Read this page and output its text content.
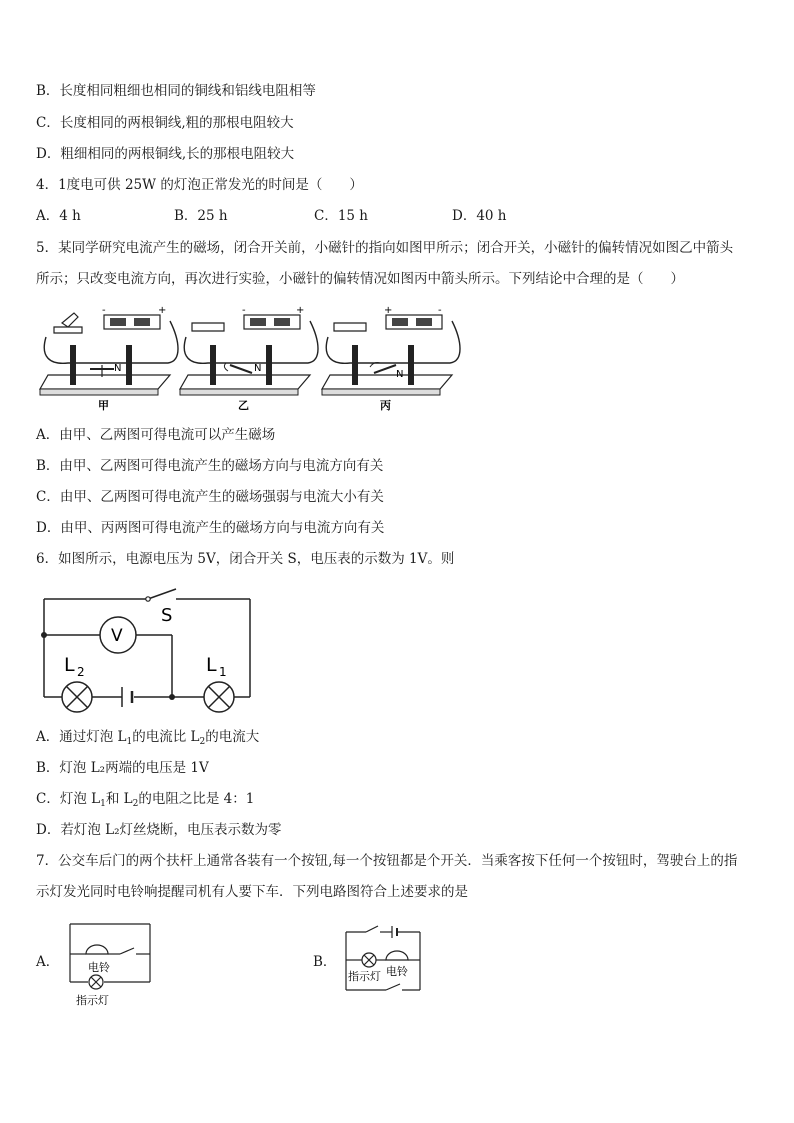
B．长度相同粗细也相同的铜线和铝线电阻相等
C．长度相同的两根铜线,粗的那根电阻较大
D．粗细相同的两根铜线,长的那根电阻较大
4．1度电可供 25W 的灯泡正常发光的时间是（　　）
A．4 h	B．25 h	C．15 h	D．40 h
5．某同学研究电流产生的磁场，闭合开关前，小磁针的指向如图甲所示；闭合开关，小磁针的偏转情况如图乙中箭头
所示；只改变电流方向，再次进行实验，小磁针的偏转情况如图丙中箭头所示。下列结论中合理的是（　　）
+
-
N
甲
-	+
N
乙
+	-
N
丙
A．由甲、乙两图可得电流可以产生磁场
B．由甲、乙两图可得电流产生的磁场方向与电流方向有关
C．由甲、乙两图可得电流产生的磁场强弱与电流大小有关
D．由甲、丙两图可得电流产生的磁场方向与电流方向有关
6．如图所示，电源电压为 5V，闭合开关 S，电压表的示数为 1V。则
S
V
L 2	L 1
A．通过灯泡 $L_1$的电流比 $L_2$的电流大
B．灯泡 L₂两端的电压是 1V
C．灯泡 $L_1$和 $L_2$的电阻之比是 4：1
D．若灯泡 L₂灯丝烧断，电压表示数为零
7．公交车后门的两个扶杆上通常各装有一个按钮,每一个按钮都是个开关．当乘客按下任何一个按钮时，驾驶台上的指
示灯发光同时电铃响提醒司机有人要下车．下列电路图符合上述要求的是
A．	电铃
指示灯
B．
指示灯 电铃
